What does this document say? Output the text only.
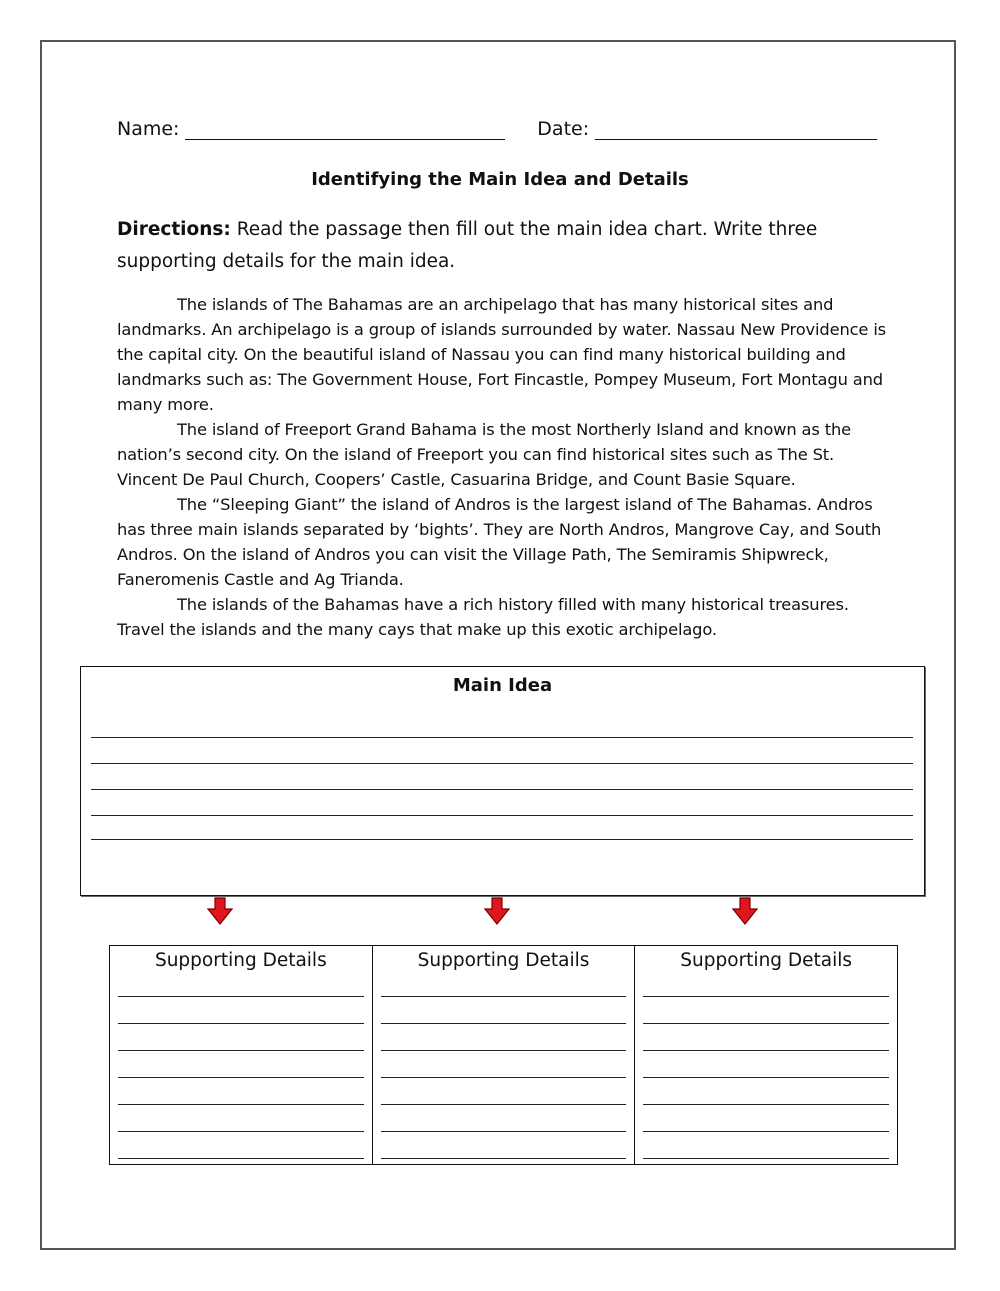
Name:	Date:
Identifying the Main Idea and Details
Directions: Read the passage then fill out the main idea chart. Write three supporting details for the main idea.

The islands of The Bahamas are an archipelago that has many historical sites and landmarks. An archipelago is a group of islands surrounded by water. Nassau New Providence is the capital city. On the beautiful island of Nassau you can find many historical building and landmarks such as: The Government House, Fort Fincastle, Pompey Museum, Fort Montagu and many more.

The island of Freeport Grand Bahama is the most Northerly Island and known as the nation’s second city. On the island of Freeport you can find historical sites such as The St. Vincent De Paul Church, Coopers’ Castle, Casuarina Bridge, and Count Basie Square.

The “Sleeping Giant” the island of Andros is the largest island of The Bahamas. Andros has three main islands separated by ‘bights’. They are North Andros, Mangrove Cay, and South Andros. On the island of Andros you can visit the Village Path, The Semiramis Shipwreck, Faneromenis Castle and Ag Trianda.

The islands of the Bahamas have a rich history filled with many historical treasures. Travel the islands and the many cays that make up this exotic archipelago.

Main Idea
Supporting Details	Supporting Details	Supporting Details
